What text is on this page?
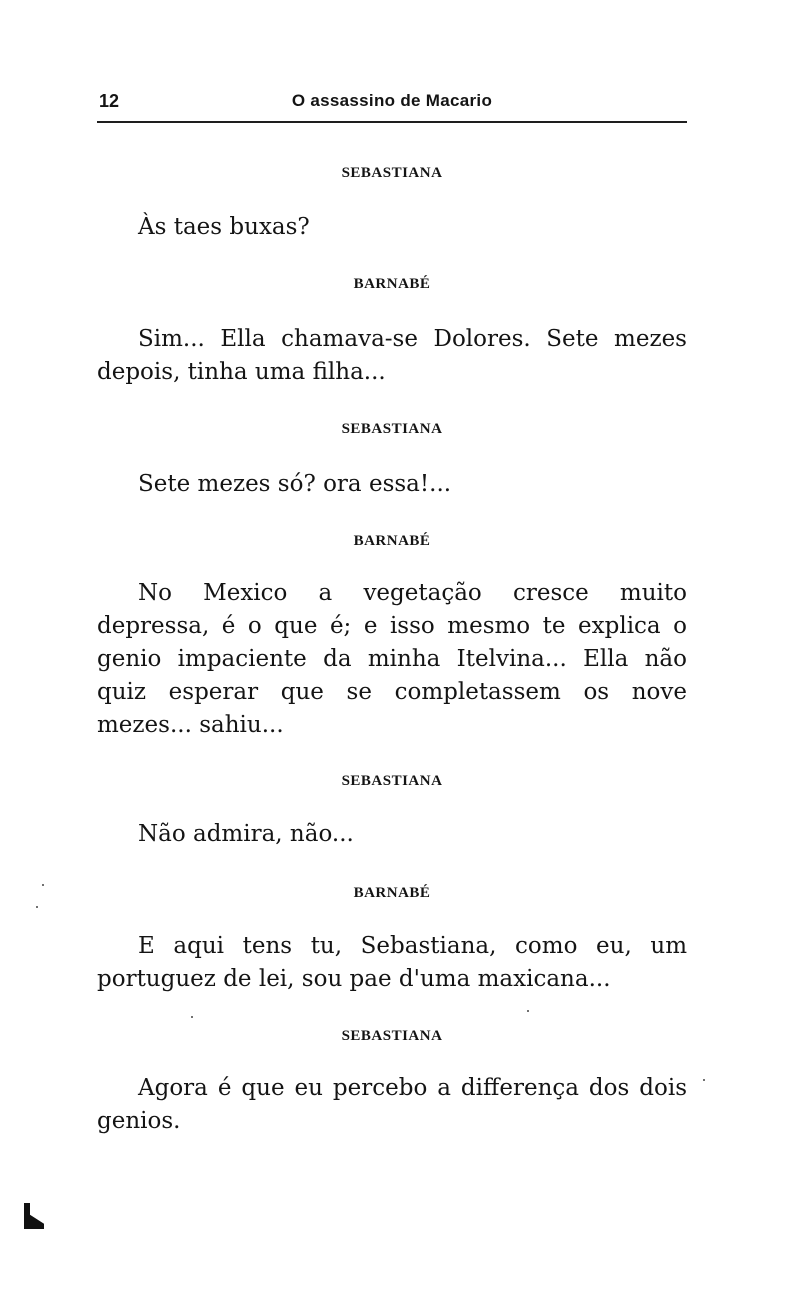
12	O assassino de Macario
SEBASTIANA

Às taes buxas?

BARNABÉ

Sim... Ella chamava-se Dolores. Sete mezes depois, tinha uma filha...

SEBASTIANA

Sete mezes só? ora essa!...

BARNABÉ

No Mexico a vegetação cresce muito depressa, é o que é; e isso mesmo te explica o genio impaciente da minha Itelvina... Ella não quiz esperar que se completassem os nove mezes... sahiu...

SEBASTIANA

Não admira, não...

BARNABÉ

E aqui tens tu, Sebastiana, como eu, um portuguez de lei, sou pae d'uma maxicana...

SEBASTIANA

Agora é que eu percebo a differença dos dois genios.
